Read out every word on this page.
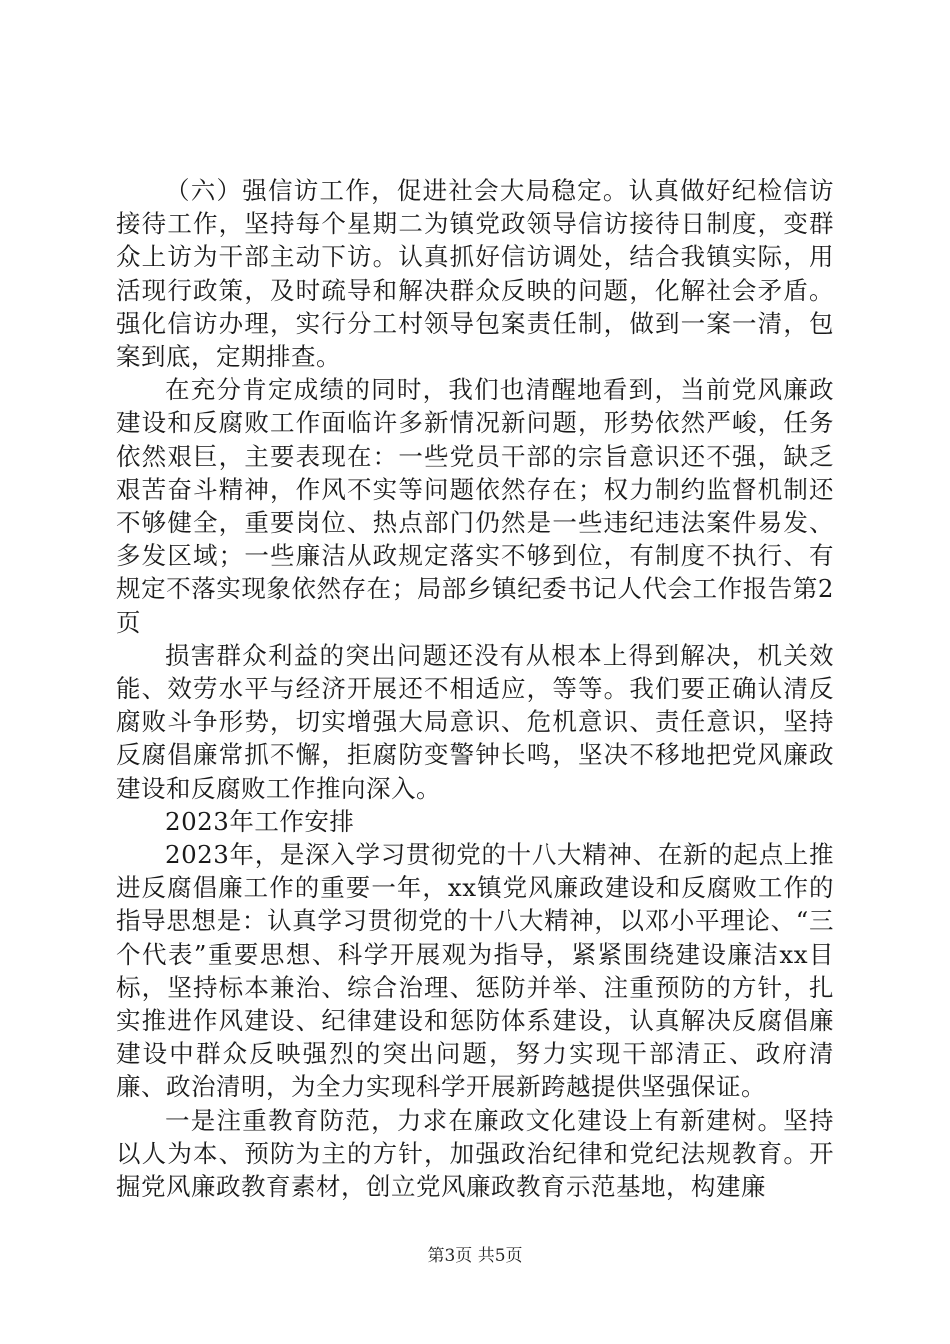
（六）强信访工作，促进社会大局稳定。认真做好纪检信访接待工作，坚持每个星期二为镇党政领导信访接待日制度，变群众上访为干部主动下访。认真抓好信访调处，结合我镇实际，用活现行政策，及时疏导和解决群众反映的问题，化解社会矛盾。强化信访办理，实行分工村领导包案责任制，做到一案一清，包案到底，定期排查。

在充分肯定成绩的同时，我们也清醒地看到，当前党风廉政建设和反腐败工作面临许多新情况新问题，形势依然严峻，任务依然艰巨，主要表现在：一些党员干部的宗旨意识还不强，缺乏艰苦奋斗精神，作风不实等问题依然存在；权力制约监督机制还不够健全，重要岗位、热点部门仍然是一些违纪违法案件易发、多发区域；一些廉洁从政规定落实不够到位，有制度不执行、有规定不落实现象依然存在；局部乡镇纪委书记人代会工作报告第2页

损害群众利益的突出问题还没有从根本上得到解决，机关效能、效劳水平与经济开展还不相适应，等等。我们要正确认清反腐败斗争形势，切实增强大局意识、危机意识、责任意识，坚持反腐倡廉常抓不懈，拒腐防变警钟长鸣，坚决不移地把党风廉政建设和反腐败工作推向深入。

2023年工作安排

2023年，是深入学习贯彻党的十八大精神、在新的起点上推进反腐倡廉工作的重要一年，xx镇党风廉政建设和反腐败工作的指导思想是：认真学习贯彻党的十八大精神，以邓小平理论、“三个代表”重要思想、科学开展观为指导，紧紧围绕建设廉洁xx目标，坚持标本兼治、综合治理、惩防并举、注重预防的方针，扎实推进作风建设、纪律建设和惩防体系建设，认真解决反腐倡廉建设中群众反映强烈的突出问题，努力实现干部清正、政府清廉、政治清明，为全力实现科学开展新跨越提供坚强保证。

一是注重教育防范，力求在廉政文化建设上有新建树。坚持以人为本、预防为主的方针，加强政治纪律和党纪法规教育。开掘党风廉政教育素材，创立党风廉政教育示范基地，构建廉

第3页 共5页
